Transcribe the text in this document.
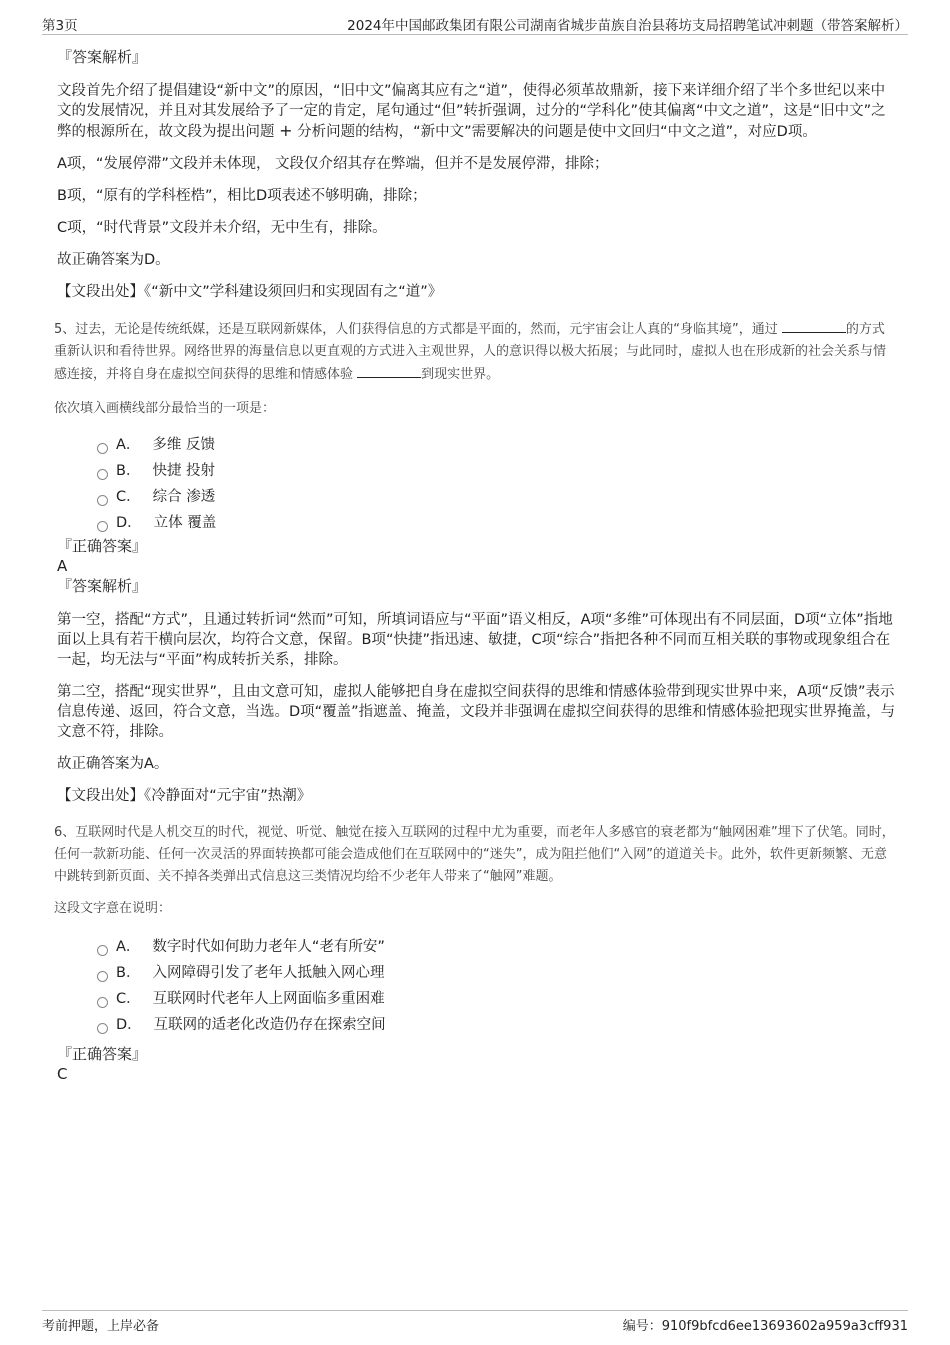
第3页	2024年中国邮政集团有限公司湖南省城步苗族自治县蒋坊支局招聘笔试冲刺题（带答案解析）
『答案解析』

文段首先介绍了提倡建设“新中文”的原因，“旧中文”偏离其应有之“道”，使得必须革故鼎新，接下来详细介绍了半个多世纪以来中文的发展情况，并且对其发展给予了一定的肯定，尾句通过“但”转折强调，过分的“学科化”使其偏离“中文之道”，这是“旧中文”之弊的根源所在，故文段为提出问题 + 分析问题的结构，“新中文”需要解决的问题是使中文回归“中文之道”，对应D项。

A项，“发展停滞”文段并未体现， 文段仅介绍其存在弊端，但并不是发展停滞，排除；

B项，“原有的学科桎梏”，相比D项表述不够明确，排除；

C项，“时代背景”文段并未介绍，无中生有，排除。

故正确答案为D。

【文段出处】《“新中文”学科建设须回归和实现固有之“道”》

5、过去，无论是传统纸媒，还是互联网新媒体，人们获得信息的方式都是平面的，然而，元宇宙会让人真的“身临其境”，通过	的方式重新认识和看待世界。网络世界的海量信息以更直观的方式进入主观世界，人的意识得以极大拓展；与此同时，虚拟人也在形成新的社会关系与情感连接，并将自身在虚拟空间获得的思维和情感体验	到现实世界。

依次填入画横线部分最恰当的一项是：

A． 多维 反馈
B． 快捷 投射
C． 综合 渗透
D． 立体 覆盖
『正确答案』
A
『答案解析』

第一空，搭配“方式”，且通过转折词“然而”可知，所填词语应与“平面”语义相反，A项“多维”可体现出有不同层面，D项“立体”指地面以上具有若干横向层次，均符合文意，保留。B项“快捷”指迅速、敏捷，C项“综合”指把各种不同而互相关联的事物或现象组合在一起，均无法与“平面”构成转折关系，排除。

第二空，搭配“现实世界”，且由文意可知，虚拟人能够把自身在虚拟空间获得的思维和情感体验带到现实世界中来，A项“反馈”表示信息传递、返回，符合文意，当选。D项“覆盖”指遮盖、掩盖，文段并非强调在虚拟空间获得的思维和情感体验把现实世界掩盖，与文意不符，排除。

故正确答案为A。

【文段出处】《冷静面对“元宇宙”热潮》

6、互联网时代是人机交互的时代，视觉、听觉、触觉在接入互联网的过程中尤为重要，而老年人多感官的衰老都为“触网困难”埋下了伏笔。同时，任何一款新功能、任何一次灵活的界面转换都可能会造成他们在互联网中的“迷失”，成为阻拦他们“入网”的道道关卡。此外，软件更新频繁、无意中跳转到新页面、关不掉各类弹出式信息这三类情况均给不少老年人带来了“触网”难题。

这段文字意在说明：

A． 数字时代如何助力老年人“老有所安”
B． 入网障碍引发了老年人抵触入网心理
C． 互联网时代老年人上网面临多重困难
D． 互联网的适老化改造仍存在探索空间
『正确答案』
C
考前押题，上岸必备	编号：910f9bfcd6ee13693602a959a3cff931
